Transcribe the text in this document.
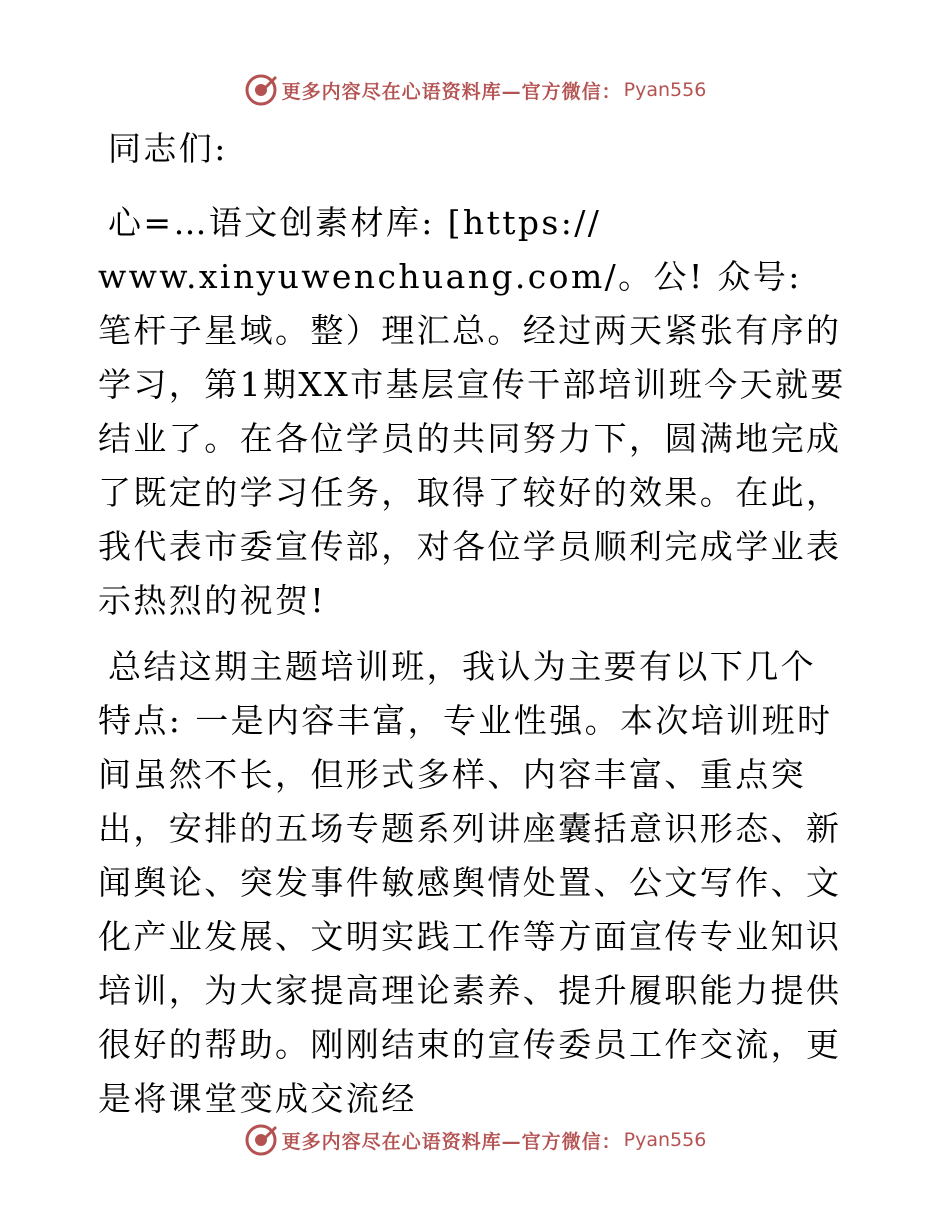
更多内容尽在心语资料库—官方微信： Pyan556

同志们:

心=…语文创素材库: [https:// www.xinyuwenchuang.com/。公! 众号: 笔杆子星域。整）理汇总。经过两天紧张有序的学习，第1期XX市基层宣传干部培训班今天就要结业了。在各位学员的共同努力下，圆满地完成了既定的学习任务，取得了较好的效果。在此，我代表市委宣传部，对各位学员顺利完成学业表示热烈的祝贺!

总结这期主题培训班，我认为主要有以下几个特点: 一是内容丰富，专业性强。本次培训班时间虽然不长，但形式多样、内容丰富、重点突出，安排的五场专题系列讲座囊括意识形态、新闻舆论、突发事件敏感舆情处置、公文写作、文化产业发展、文明实践工作等方面宣传专业知识培训，为大家提高理论素养、提升履职能力提供很好的帮助。刚刚结束的宣传委员工作交流，更是将课堂变成交流经

更多内容尽在心语资料库—官方微信： Pyan556
